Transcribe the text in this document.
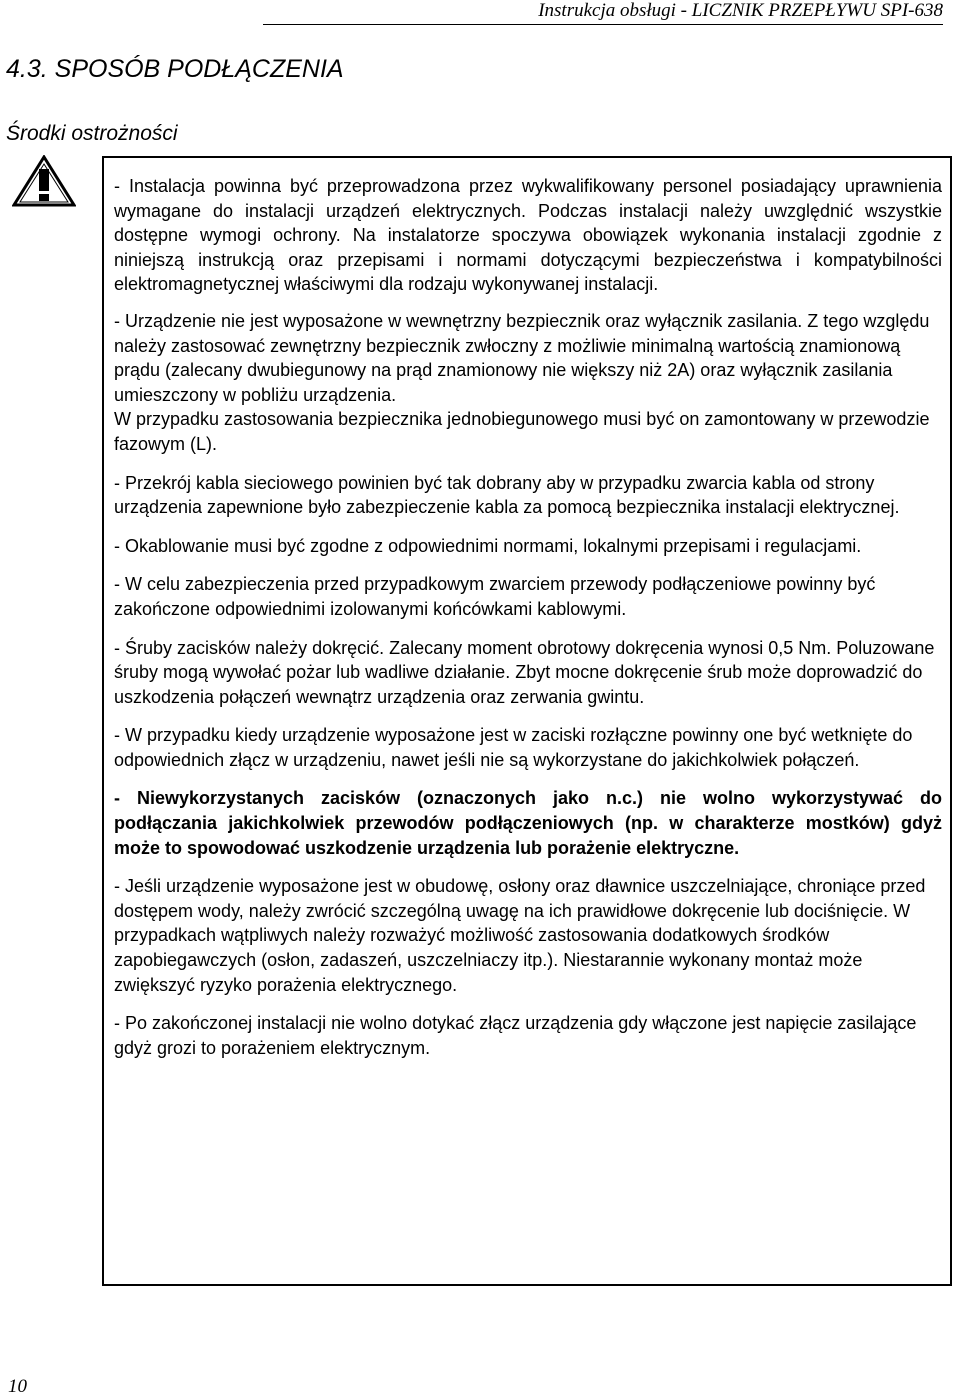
Instrukcja obsługi - LICZNIK PRZEPŁYWU SPI-638
4.3. SPOSÓB PODŁĄCZENIA
Środki ostrożności

- Instalacja powinna być przeprowadzona przez wykwalifikowany personel posiadający uprawnienia wymagane do instalacji urządzeń elektrycznych. Podczas instalacji należy uwzględnić wszystkie dostępne wymogi ochrony. Na instalatorze spoczywa obowiązek wykonania instalacji zgodnie z niniejszą instrukcją oraz przepisami i normami dotyczącymi bezpieczeństwa i kompatybilności elektromagnetycznej właściwymi dla rodzaju wykonywanej instalacji.

- Urządzenie nie jest wyposażone w wewnętrzny bezpiecznik oraz wyłącznik zasilania. Z tego względu należy zastosować zewnętrzny bezpiecznik zwłoczny z możliwie minimalną wartością znamionową prądu (zalecany dwubiegunowy na prąd znamionowy nie większy niż 2A) oraz wyłącznik zasilania umieszczony w pobliżu urządzenia.

W przypadku zastosowania bezpiecznika jednobiegunowego musi być on zamontowany w przewodzie fazowym (L).

- Przekrój kabla sieciowego powinien być tak dobrany aby w przypadku zwarcia kabla od strony urządzenia zapewnione było zabezpieczenie kabla za pomocą bezpiecznika instalacji elektrycznej.

- Okablowanie musi być zgodne z odpowiednimi normami, lokalnymi przepisami i regulacjami.

- W celu zabezpieczenia przed przypadkowym zwarciem przewody podłączeniowe powinny być zakończone odpowiednimi izolowanymi końcówkami kablowymi.

- Śruby zacisków należy dokręcić. Zalecany moment obrotowy dokręcenia wynosi 0,5 Nm. Poluzowane śruby mogą wywołać pożar lub wadliwe działanie. Zbyt mocne dokręcenie śrub może doprowadzić do uszkodzenia połączeń wewnątrz urządzenia oraz zerwania gwintu.

- W przypadku kiedy urządzenie wyposażone jest w zaciski rozłączne powinny one być wetknięte do odpowiednich złącz w urządzeniu, nawet jeśli nie są wykorzystane do jakichkolwiek połączeń.

- Niewykorzystanych zacisków (oznaczonych jako n.c.) nie wolno wykorzystywać do podłączania jakichkolwiek przewodów podłączeniowych (np. w charakterze mostków) gdyż może to spowodować uszkodzenie urządzenia lub porażenie elektryczne.

- Jeśli urządzenie wyposażone jest w obudowę, osłony oraz dławnice uszczelniające, chroniące przed dostępem wody, należy zwrócić szczególną uwagę na ich prawidłowe dokręcenie lub dociśnięcie. W przypadkach wątpliwych należy rozważyć możliwość zastosowania dodatkowych środków zapobiegawczych (osłon, zadaszeń, uszczelniaczy itp.). Niestarannie wykonany montaż może zwiększyć ryzyko porażenia elektrycznego.

- Po zakończonej instalacji nie wolno dotykać złącz urządzenia gdy włączone jest napięcie zasilające gdyż grozi to porażeniem elektrycznym.

10
